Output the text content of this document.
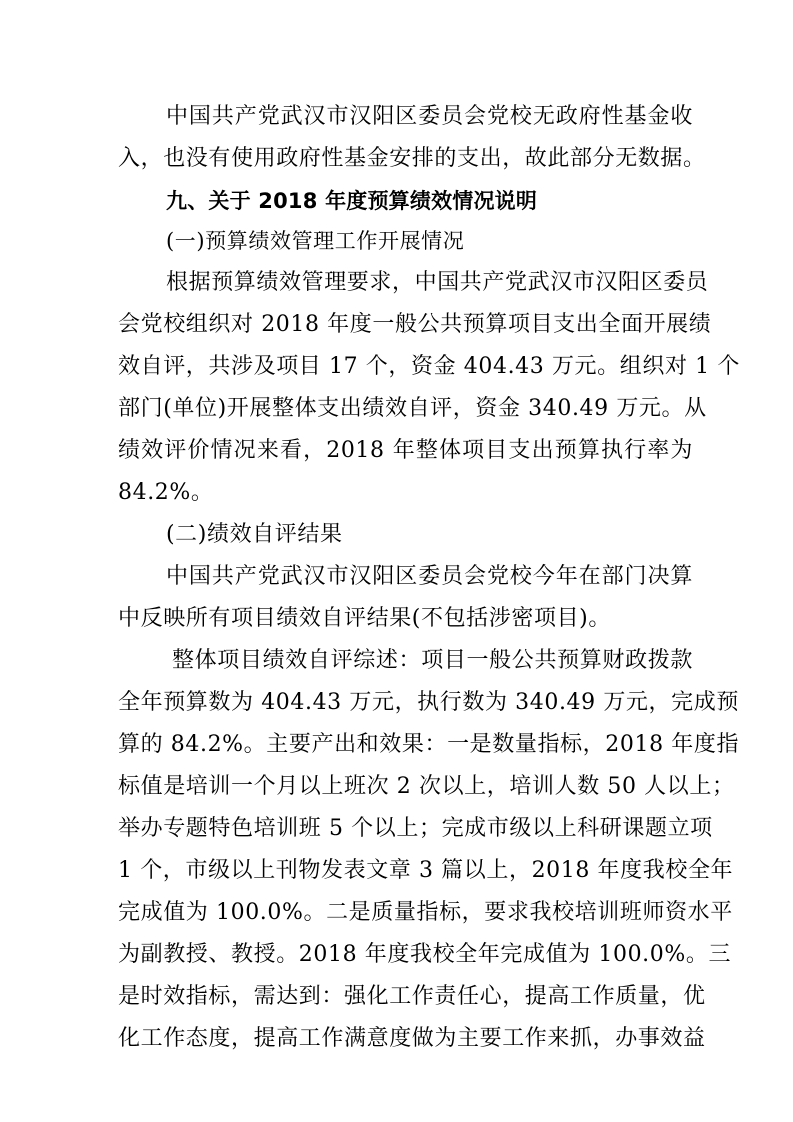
中国共产党武汉市汉阳区委员会党校无政府性基金收
入，也没有使用政府性基金安排的支出，故此部分无数据。
九、关于 2018 年度预算绩效情况说明
(一)预算绩效管理工作开展情况
根据预算绩效管理要求，中国共产党武汉市汉阳区委员
会党校组织对 2018 年度一般公共预算项目支出全面开展绩
效自评，共涉及项目 17 个，资金 404.43 万元。组织对 1 个
部门(单位)开展整体支出绩效自评，资金 340.49 万元。从
绩效评价情况来看，2018 年整体项目支出预算执行率为
84.2%。
(二)绩效自评结果
中国共产党武汉市汉阳区委员会党校今年在部门决算
中反映所有项目绩效自评结果(不包括涉密项目)。
整体项目绩效自评综述：项目一般公共预算财政拨款
全年预算数为 404.43 万元，执行数为 340.49 万元，完成预
算的 84.2%。主要产出和效果：一是数量指标，2018 年度指
标值是培训一个月以上班次 2 次以上，培训人数 50 人以上；
举办专题特色培训班 5 个以上；完成市级以上科研课题立项
1 个，市级以上刊物发表文章 3 篇以上，2018 年度我校全年
完成值为 100.0%。二是质量指标，要求我校培训班师资水平
为副教授、教授。2018 年度我校全年完成值为 100.0%。三
是时效指标，需达到：强化工作责任心，提高工作质量，优
化工作态度，提高工作满意度做为主要工作来抓，办事效益
